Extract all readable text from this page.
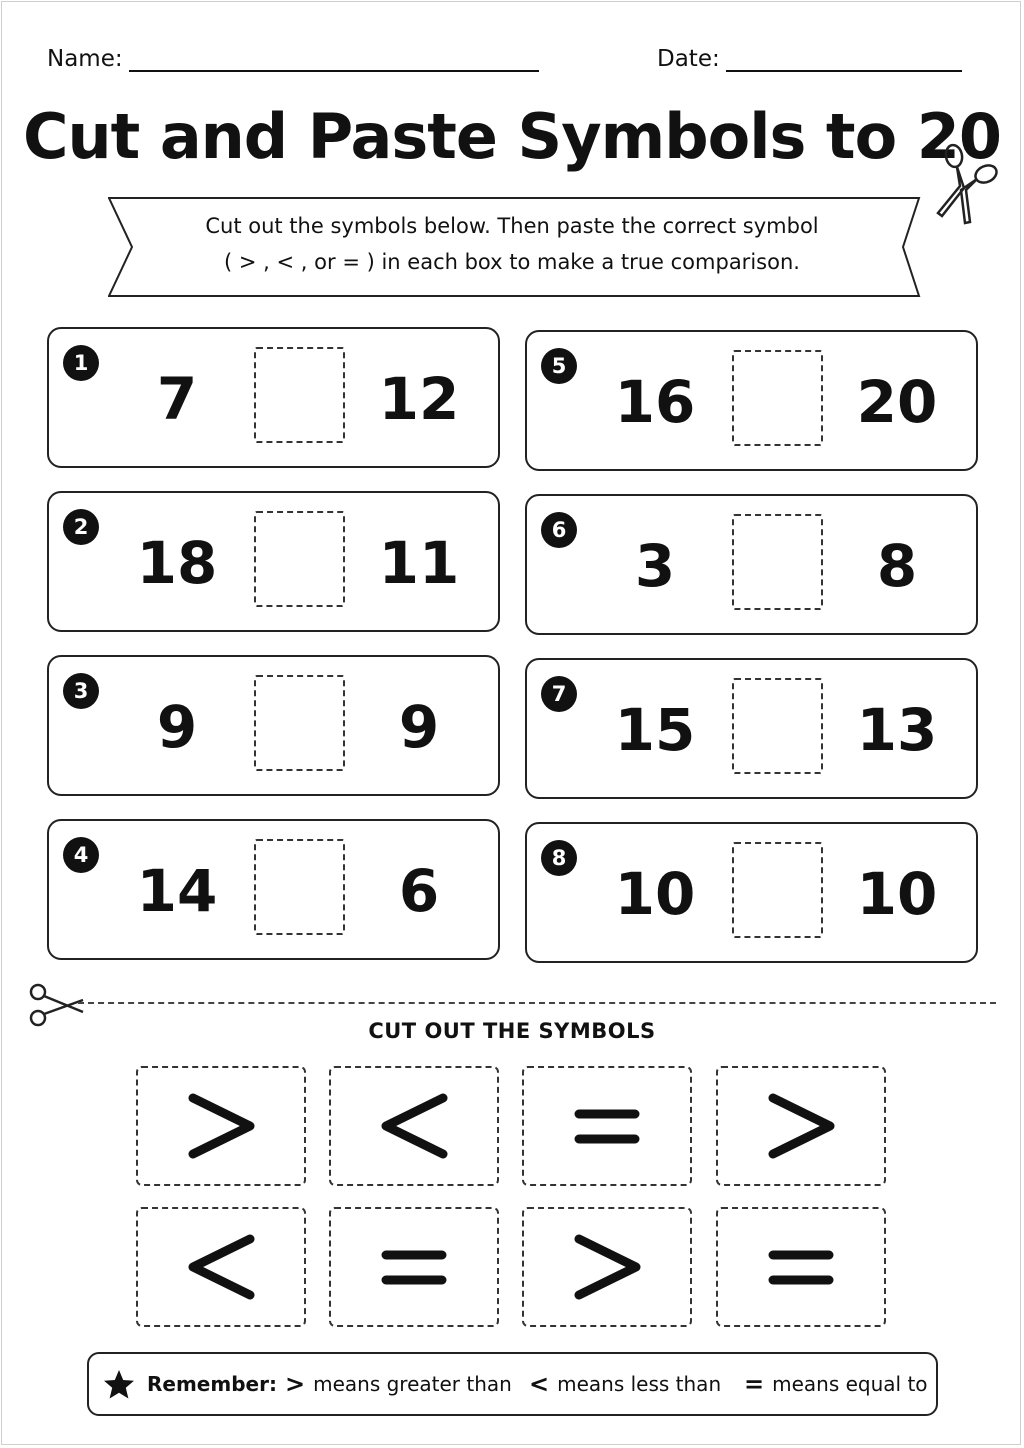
Name:	Date:
Cut and Paste Symbols to 20
Cut out the symbols below. Then paste the correct symbol
( > , < , or = ) in each box to make a true comparison.
1
7	12
2
18	11
3
9	9
4
14	6
5
16	20
6
3	8
7
15	13
8
10	10
CUT OUT THE SYMBOLS
Remember: > means greater than < means less than = means equal to
